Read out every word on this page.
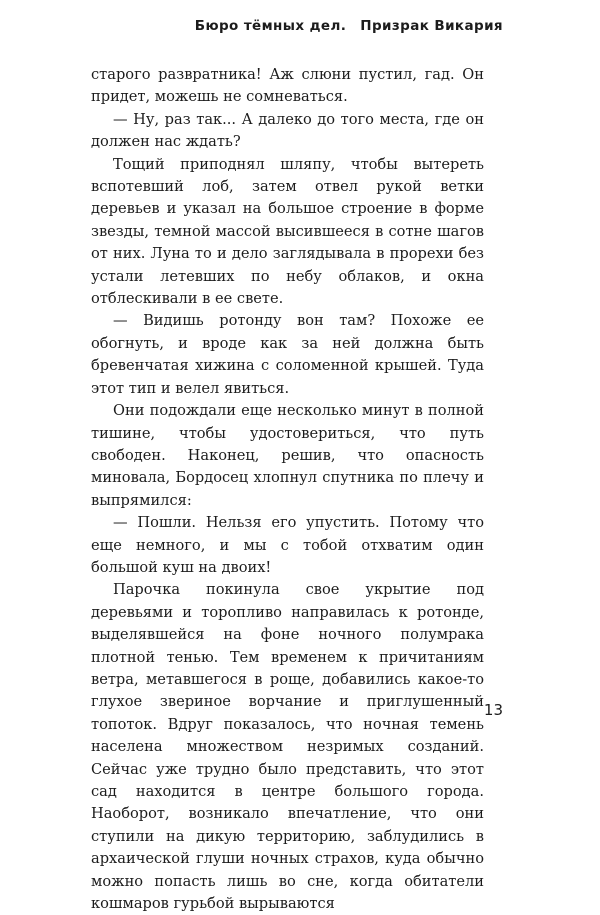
Бюро тёмных дел. Призрак Викария

старого развратника! Аж слюни пустил, гад. Он придет, можешь не сомневаться.

— Ну, раз так... А далеко до того места, где он должен нас ждать?

Тощий приподнял шляпу, чтобы вытереть вспотевший лоб, затем отвел рукой ветки деревьев и указал на большое строение в форме звезды, темной массой высившееся в сотне шагов от них. Луна то и дело заглядывала в прорехи без устали летевших по небу облаков, и окна отблескивали в ее свете.

— Видишь ротонду вон там? Похоже ее обогнуть, и вроде как за ней должна быть бревенчатая хижина с соломенной крышей. Туда этот тип и велел явиться.

Они подождали еще несколько минут в полной тишине, чтобы удостовериться, что путь свободен. Наконец, решив, что опасность миновала, Бордосец хлопнул спутника по плечу и выпрямился:

— Пошли. Нельзя его упустить. Потому что еще немного, и мы с тобой отхватим один большой куш на двоих!

Парочка покинула свое укрытие под деревьями и торопливо направилась к ротонде, выделявшейся на фоне ночного полумрака плотной тенью. Тем временем к причитаниям ветра, метавшегося в роще, добавились какое-то глухое звериное ворчание и приглушенный топоток. Вдруг показалось, что ночная темень населена множеством незримых созданий. Сейчас уже трудно было представить, что этот сад находится в центре большого города. Наоборот, возникало впечатление, что они ступили на дикую территорию, заблудились в архаической глуши ночных страхов, куда обычно можно попасть лишь во сне, когда обитатели кошмаров гурьбой вырываются

13
